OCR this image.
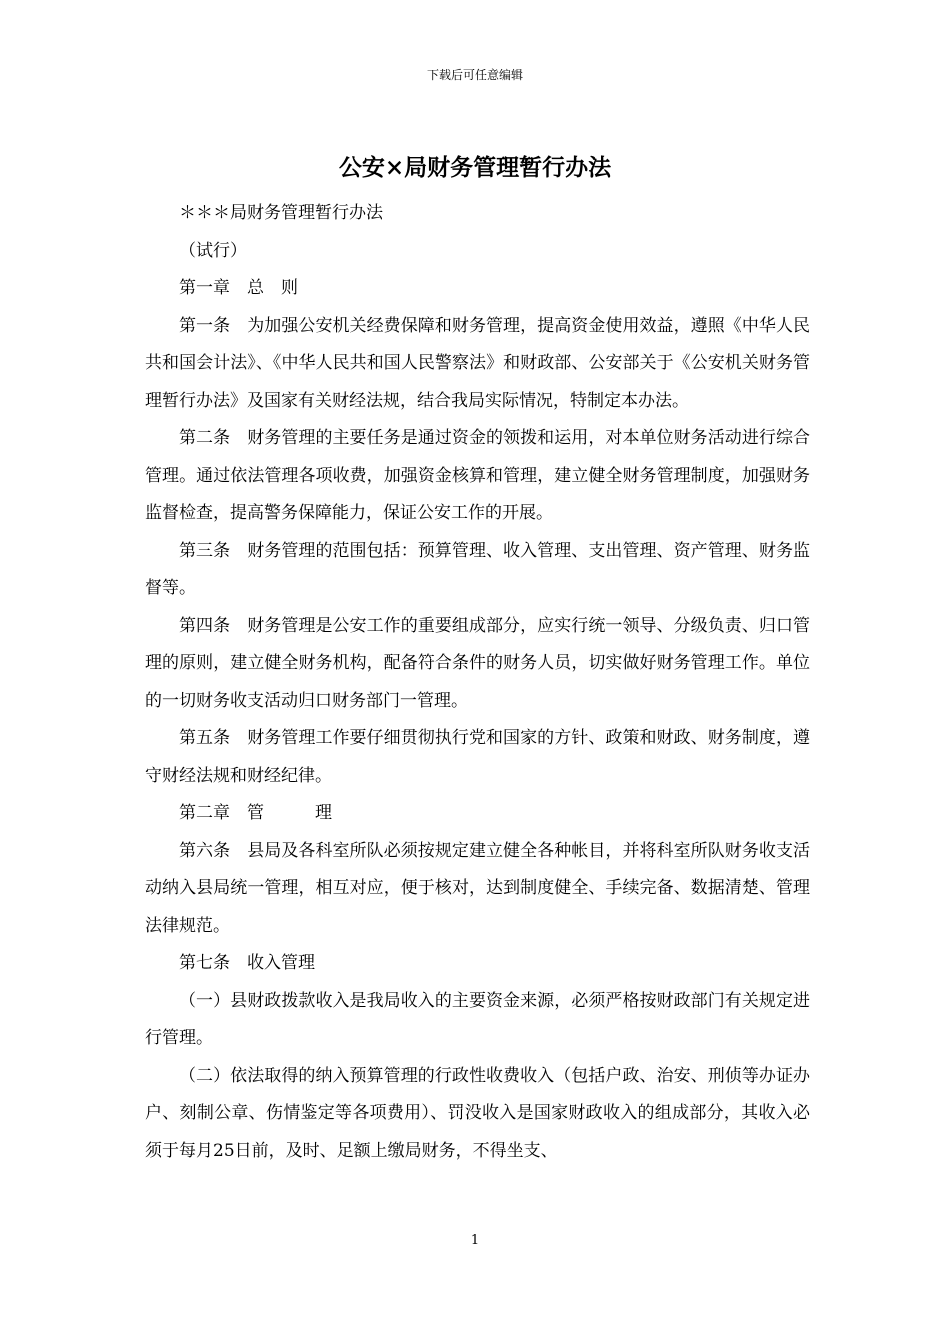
下载后可任意编辑
公安×局财务管理暂行办法

＊＊＊局财务管理暂行办法

（试行）

第一章　总　则

第一条　为加强公安机关经费保障和财务管理，提高资金使用效益，遵照《中华人民共和国会计法》、《中华人民共和国人民警察法》和财政部、公安部关于《公安机关财务管理暂行办法》及国家有关财经法规，结合我局实际情况，特制定本办法。

第二条　财务管理的主要任务是通过资金的领拨和运用，对本单位财务活动进行综合管理。通过依法管理各项收费，加强资金核算和管理，建立健全财务管理制度，加强财务监督检查，提高警务保障能力，保证公安工作的开展。

第三条　财务管理的范围包括：预算管理、收入管理、支出管理、资产管理、财务监督等。

第四条　财务管理是公安工作的重要组成部分，应实行统一领导、分级负责、归口管理的原则，建立健全财务机构，配备符合条件的财务人员，切实做好财务管理工作。单位的一切财务收支活动归口财务部门一管理。

第五条　财务管理工作要仔细贯彻执行党和国家的方针、政策和财政、财务制度，遵守财经法规和财经纪律。

第二章　管　　　理

第六条　县局及各科室所队必须按规定建立健全各种帐目，并将科室所队财务收支活动纳入县局统一管理，相互对应，便于核对，达到制度健全、手续完备、数据清楚、管理法律规范。

第七条　收入管理

（一）县财政拨款收入是我局收入的主要资金来源，必须严格按财政部门有关规定进行管理。

（二）依法取得的纳入预算管理的行政性收费收入（包括户政、治安、刑侦等办证办户、刻制公章、伤情鉴定等各项费用）、罚没收入是国家财政收入的组成部分，其收入必须于每月25日前，及时、足额上缴局财务，不得坐支、

1
